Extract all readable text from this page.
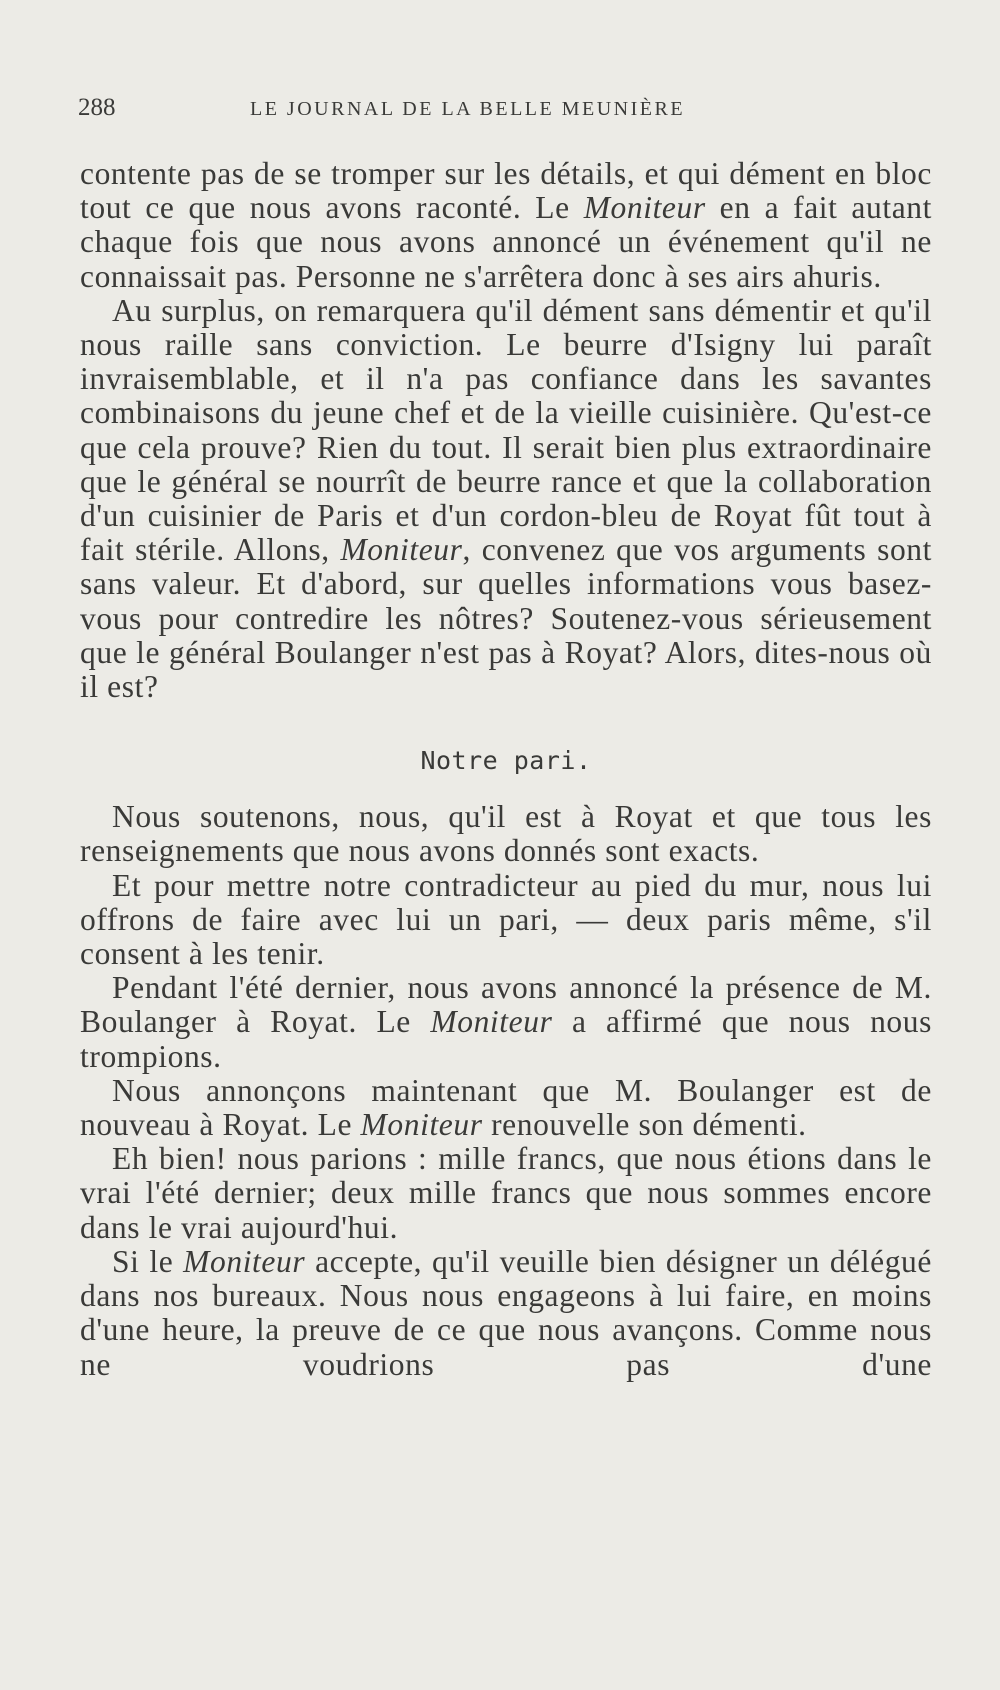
288	LE JOURNAL DE LA BELLE MEUNIÈRE

contente pas de se tromper sur les détails, et qui dément en bloc tout ce que nous avons raconté. Le Moniteur en a fait autant chaque fois que nous avons annoncé un événement qu'il ne connaissait pas. Personne ne s'arrêtera donc à ses airs ahuris.

Au surplus, on remarquera qu'il dément sans démentir et qu'il nous raille sans conviction. Le beurre d'Isigny lui paraît invraisemblable, et il n'a pas confiance dans les savantes combinaisons du jeune chef et de la vieille cuisinière. Qu'est-ce que cela prouve? Rien du tout. Il serait bien plus extraordinaire que le général se nourrît de beurre rance et que la collaboration d'un cuisinier de Paris et d'un cordon-bleu de Royat fût tout à fait stérile. Allons, Moniteur, convenez que vos arguments sont sans valeur. Et d'abord, sur quelles informations vous basez-vous pour contredire les nôtres? Soutenez-vous sérieusement que le général Boulanger n'est pas à Royat? Alors, dites-nous où il est?

Notre pari.

Nous soutenons, nous, qu'il est à Royat et que tous les renseignements que nous avons donnés sont exacts.

Et pour mettre notre contradicteur au pied du mur, nous lui offrons de faire avec lui un pari, — deux paris même, s'il consent à les tenir.

Pendant l'été dernier, nous avons annoncé la présence de M. Boulanger à Royat. Le Moniteur a affirmé que nous nous trompions.

Nous annonçons maintenant que M. Boulanger est de nouveau à Royat. Le Moniteur renouvelle son démenti.

Eh bien! nous parions : mille francs, que nous étions dans le vrai l'été dernier; deux mille francs que nous sommes encore dans le vrai aujourd'hui.

Si le Moniteur accepte, qu'il veuille bien désigner un délégué dans nos bureaux. Nous nous engageons à lui faire, en moins d'une heure, la preuve de ce que nous avançons. Comme nous ne voudrions pas d'une
